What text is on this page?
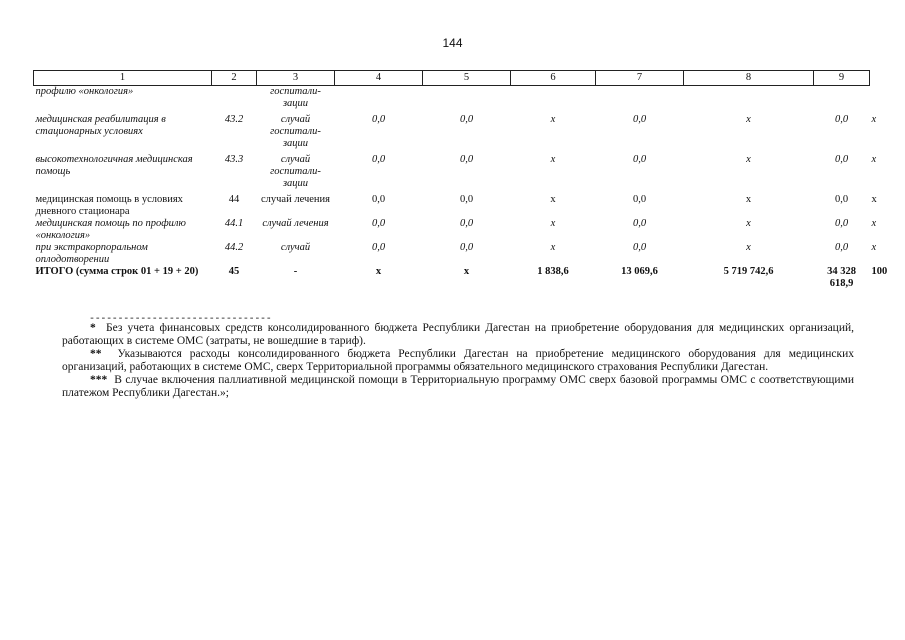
144
1	2	3	4	5	6	7	8	9	
профилю «онкология»		госпитали-зации							

медицинская реабилитация в стационарных условиях	43.2	случай госпитали-зации	0,0	0,0	x	0,0	x	0,0	x

высокотехнологичная медицинская помощь	43.3	случай госпитали-зации	0,0	0,0	x	0,0	x	0,0	x

медицинская помощь в условиях дневного стационара	44	случай лечения	0,0	0,0	x	0,0	x	0,0	x
медицинская помощь по профилю «онкология»	44.1	случай лечения	0,0	0,0	x	0,0	x	0,0	x
при экстракорпоральном оплодотворении	44.2	случай	0,0	0,0	x	0,0	x	0,0	x
ИТОГО (сумма строк 01 + 19 + 20)	45	-	x	x	1 838,6	13 069,6	5 719 742,6	34 328 618,9	100
--------------------------------

* Без учета финансовых средств консолидированного бюджета Республики Дагестан на приобретение оборудования для медицинских организаций, работающих в системе ОМС (затраты, не вошедшие в тариф).

** Указываются расходы консолидированного бюджета Республики Дагестан на приобретение медицинского оборудования для медицинских организаций, работающих в системе ОМС, сверх Территориальной программы обязательного медицинского страхования Республики Дагестан.

*** В случае включения паллиативной медицинской помощи в Территориальную программу ОМС сверх базовой программы ОМС с соответствующими платежом Республики Дагестан.»;
